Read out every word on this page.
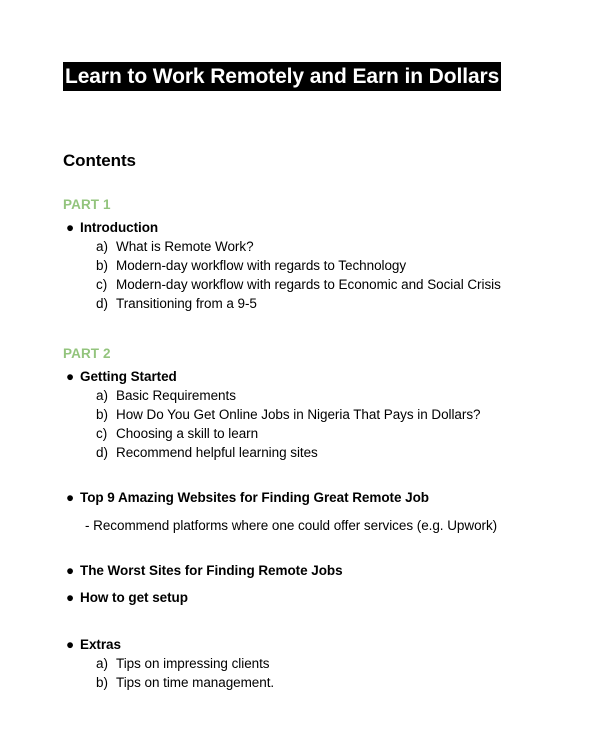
Learn to Work Remotely and Earn in Dollars
Contents
PART 1
● Introduction
a) What is Remote Work?
b) Modern-day workflow with regards to Technology
c) Modern-day workflow with regards to Economic and Social Crisis
d) Transitioning from a 9-5
PART 2
● Getting Started
a) Basic Requirements
b) How Do You Get Online Jobs in Nigeria That Pays in Dollars?
c) Choosing a skill to learn
d) Recommend helpful learning sites
● Top 9 Amazing Websites for Finding Great Remote Job
- Recommend platforms where one could offer services (e.g. Upwork)
● The Worst Sites for Finding Remote Jobs
● How to get setup
● Extras
a) Tips on impressing clients
b) Tips on time management.
